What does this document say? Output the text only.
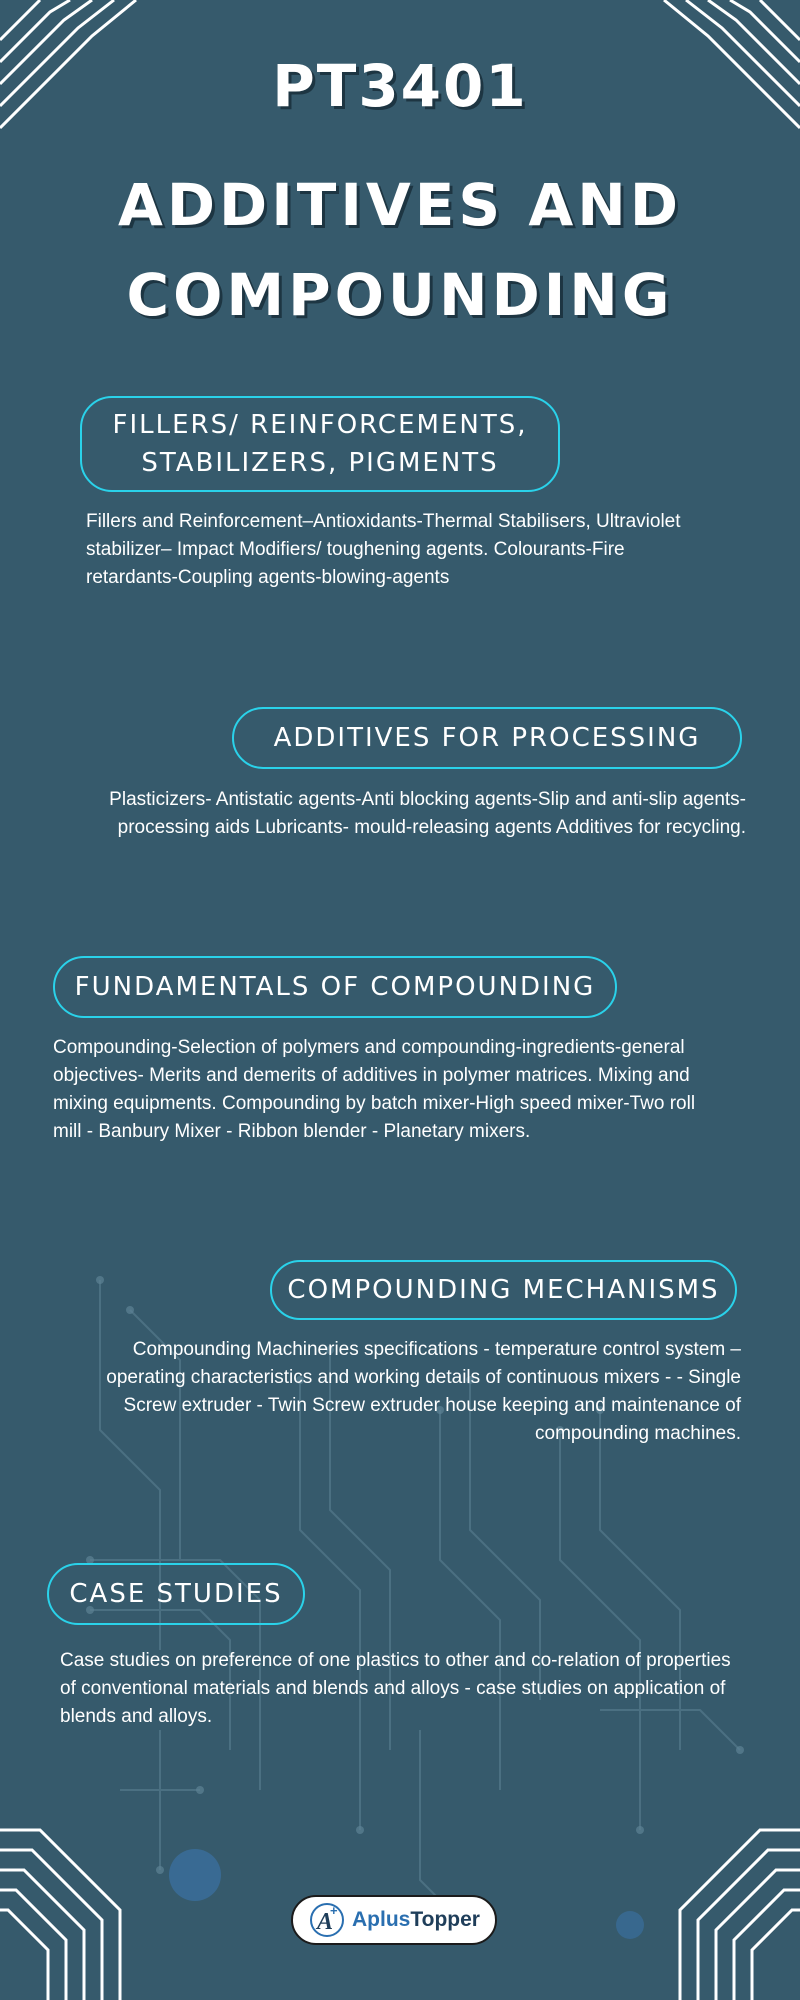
PT3401
ADDITIVES AND
COMPOUNDING
FILLERS/ REINFORCEMENTS,
STABILIZERS, PIGMENTS
Fillers and Reinforcement–Antioxidants-Thermal Stabilisers, Ultraviolet
stabilizer– Impact Modifiers/ toughening agents. Colourants-Fire
retardants-Coupling agents-blowing-agents
ADDITIVES FOR PROCESSING
Plasticizers- Antistatic agents-Anti blocking agents-Slip and anti-slip agents-
processing aids Lubricants- mould-releasing agents Additives for recycling.
FUNDAMENTALS OF COMPOUNDING
Compounding-Selection of polymers and compounding-ingredients-general
objectives- Merits and demerits of additives in polymer matrices. Mixing and
mixing equipments. Compounding by batch mixer-High speed mixer-Two roll
mill - Banbury Mixer - Ribbon blender - Planetary mixers.
COMPOUNDING MECHANISMS
Compounding Machineries specifications - temperature control system –
operating characteristics and working details of continuous mixers - - Single
Screw extruder - Twin Screw extruder house keeping and maintenance of
compounding machines.
CASE STUDIES
Case studies on preference of one plastics to other and co-relation of properties
of conventional materials and blends and alloys - case studies on application of
blends and alloys.
A
+ AplusTopper
